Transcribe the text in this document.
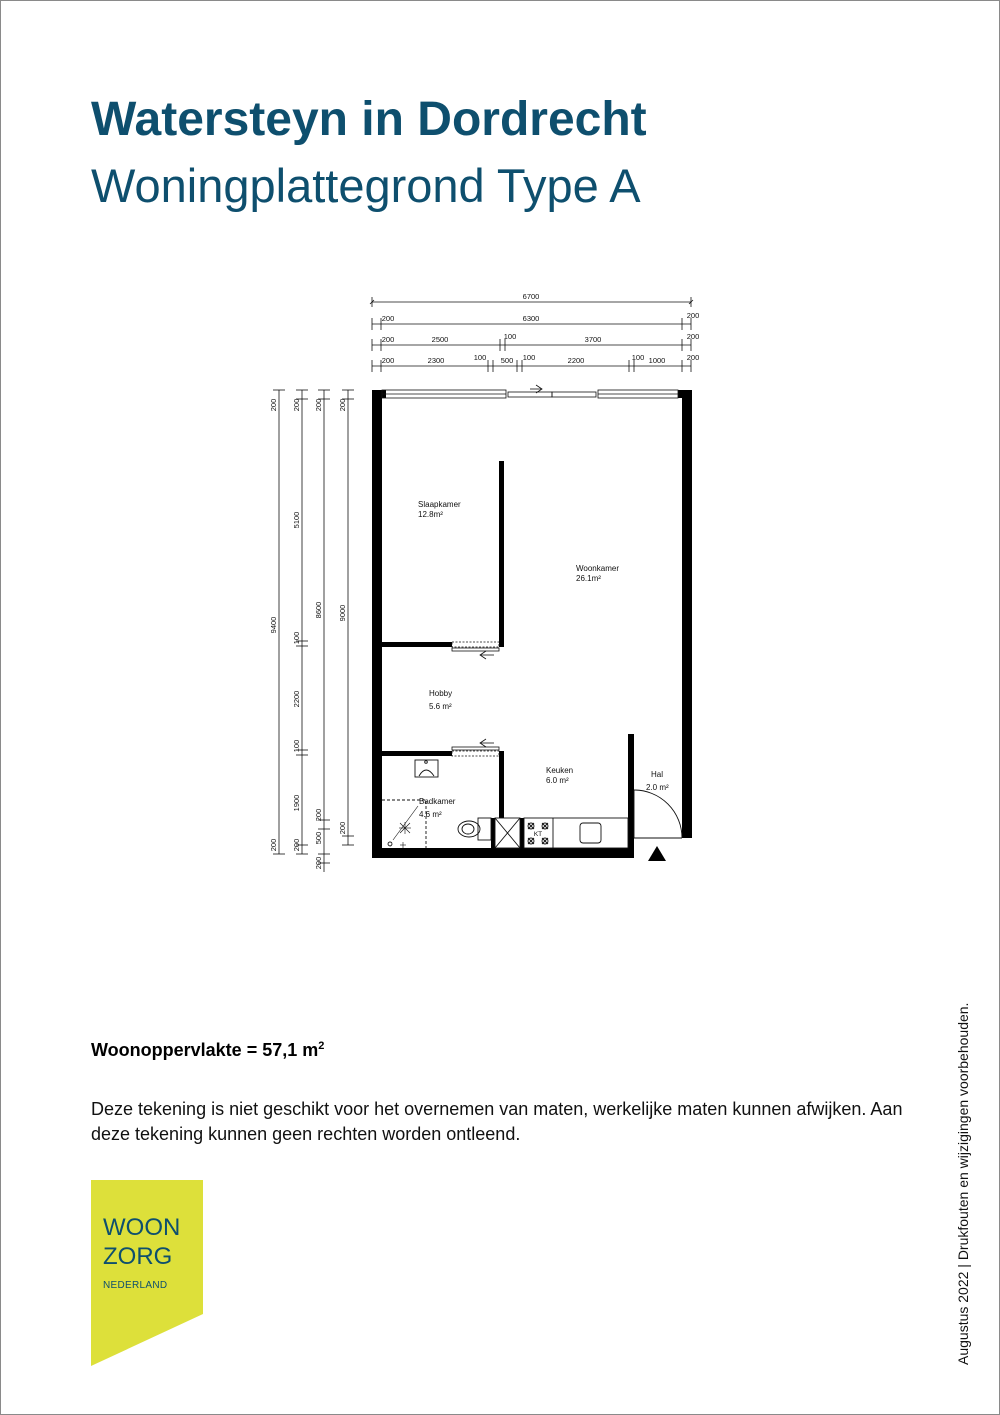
Watersteyn in Dordrecht
Woningplattegrond Type A
6700
200	6300	200
200	2500	100	3700	200
200	2300	100 500 100	2200	100 1000	200
200
9400
200
200
5100
100
2200
100
1900
200
200
8600
200
500
200
200
9000
200
KT
Slaapkamer
12.8m²
Woonkamer
26.1m²
Hobby
5.6 m²
Keuken
6.0 m²
Hal
2.0 m²
Badkamer
4.6 m²
Woonoppervlakte = 57,1 $m^2$

Deze tekening is niet geschikt voor het overnemen van maten, werkelijke maten kunnen afwijken. Aan deze tekening kunnen geen rechten worden ontleend.	Augustus 2022 | Drukfouten en wijzigingen voorbehouden.
WOON
ZORG
NEDERLAND
